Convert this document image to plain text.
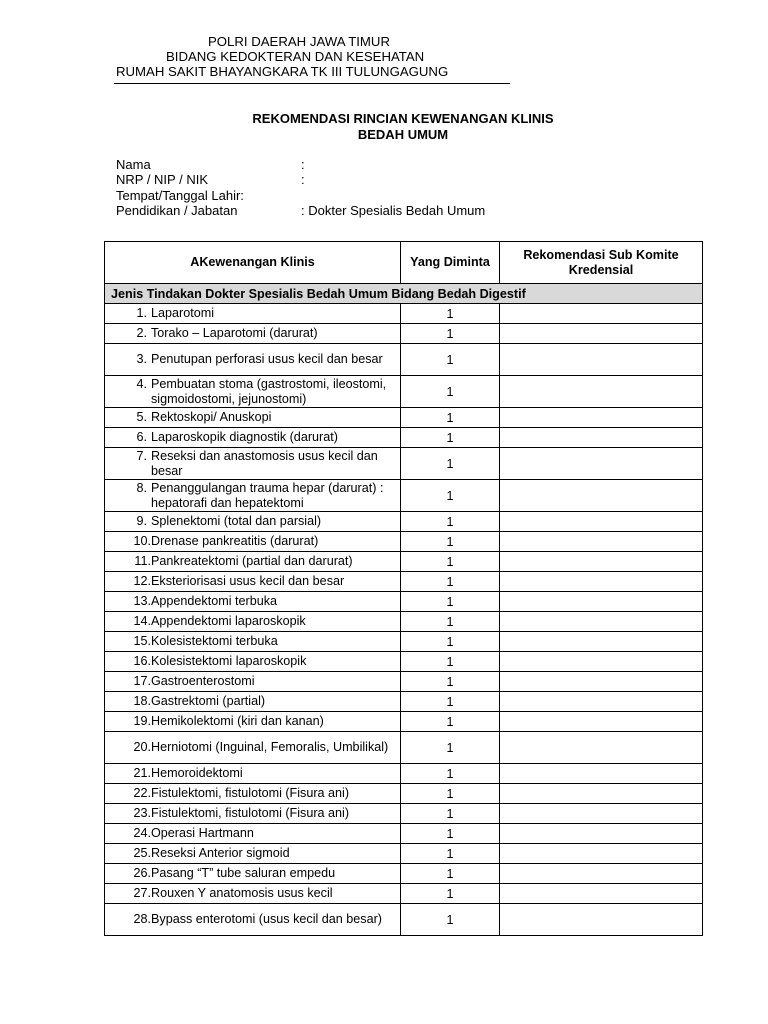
POLRI DAERAH JAWA TIMUR
BIDANG KEDOKTERAN DAN KESEHATAN
RUMAH SAKIT BHAYANGKARA TK III TULUNGAGUNG
REKOMENDASI RINCIAN KEWENANGAN KLINIS
BEDAH UMUM
Nama	:
NRP / NIP / NIK	:
Tempat/Tanggal Lahir:
Pendidikan / Jabatan	: Dokter Spesialis Bedah Umum
AKewenangan Klinis	Yang Diminta	Rekomendasi Sub Komite Kredensial
Jenis Tindakan Dokter Spesialis Bedah Umum Bidang Bedah Digestif		

1. Laparotomi	1	

2. Torako – Laparotomi (darurat)	1	

3. Penutupan perforasi usus kecil dan besar	1	

4. Pembuatan stoma (gastrostomi, ileostomi, sigmoidostomi, jejunostomi)	1	

5. Rektoskopi/ Anuskopi	1	

6. Laparoskopik diagnostik (darurat)	1	

7. Reseksi dan anastomosis usus kecil dan besar	1	

8. Penanggulangan trauma hepar (darurat) : hepatorafi dan hepatektomi	1	

9. Splenektomi (total dan parsial)	1	

10. Drenase pankreatitis (darurat)	1	

11. Pankreatektomi (partial dan darurat)	1	

12. Eksteriorisasi usus kecil dan besar	1	

13. Appendektomi terbuka	1	

14. Appendektomi laparoskopik	1	

15. Kolesistektomi terbuka	1	

16. Kolesistektomi laparoskopik	1	

17. Gastroenterostomi	1	

18. Gastrektomi (partial)	1	

19. Hemikolektomi (kiri dan kanan)	1	

20. Herniotomi (Inguinal, Femoralis, Umbilikal)	1	

21. Hemoroidektomi	1	

22. Fistulektomi, fistulotomi (Fisura ani)	1	

23. Fistulektomi, fistulotomi (Fisura ani)	1	

24. Operasi Hartmann	1	

25. Reseksi Anterior sigmoid	1	

26. Pasang “T” tube saluran empedu	1	

27. Rouxen Y anatomosis usus kecil	1	

28. Bypass enterotomi (usus kecil dan besar)	1	
